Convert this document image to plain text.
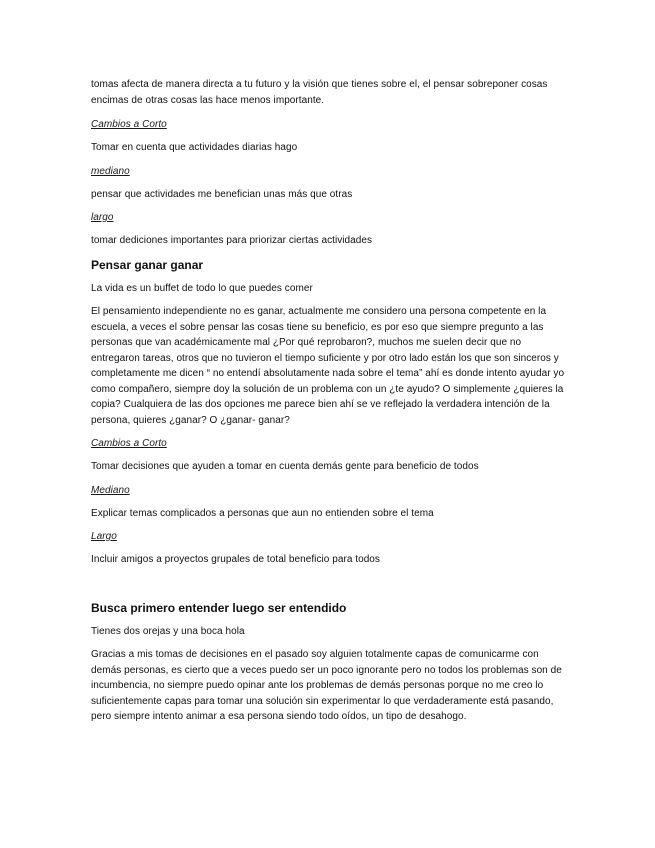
tomas afecta de manera directa a tu futuro y la visión que tienes sobre el, el pensar sobreponer cosas encimas de otras cosas las hace menos importante.

Cambios a Corto

Tomar en cuenta que actividades diarias hago

mediano

pensar que actividades me benefician unas más que otras

largo

tomar dediciones importantes para priorizar ciertas actividades

Pensar ganar ganar

La vida es un buffet de todo lo que puedes comer

El pensamiento independiente no es ganar, actualmente me considero una persona competente en la escuela, a veces el sobre pensar las cosas tiene su beneficio, es por eso que siempre pregunto a las personas que van académicamente mal ¿Por qué reprobaron?, muchos me suelen decir que no entregaron tareas, otros que no tuvieron el tiempo suficiente y por otro lado están los que son sinceros y completamente me dicen “ no entendí absolutamente nada sobre el tema” ahí es donde intento ayudar yo como compañero, siempre doy la solución de un problema con un ¿te ayudo? O simplemente ¿quieres la copia? Cualquiera de las dos opciones me parece bien ahí se ve reflejado la verdadera intención de la persona, quieres ¿ganar? O ¿ganar- ganar?

Cambios a Corto

Tomar decisiones que ayuden a tomar en cuenta demás gente para beneficio de todos

Mediano

Explicar temas complicados a personas que aun no entienden sobre el tema

Largo

Incluir amigos a proyectos grupales de total beneficio para todos

Busca primero entender luego ser entendido

Tienes dos orejas y una boca hola

Gracias a mis tomas de decisiones en el pasado soy alguien totalmente capas de comunicarme con demás personas, es cierto que a veces puedo ser un poco ignorante pero no todos los problemas son de incumbencia, no siempre puedo opinar ante los problemas de demás personas porque no me creo lo suficientemente capas para tomar una solución sin experimentar lo que verdaderamente está pasando, pero siempre intento animar a esa persona siendo todo oídos, un tipo de desahogo.
